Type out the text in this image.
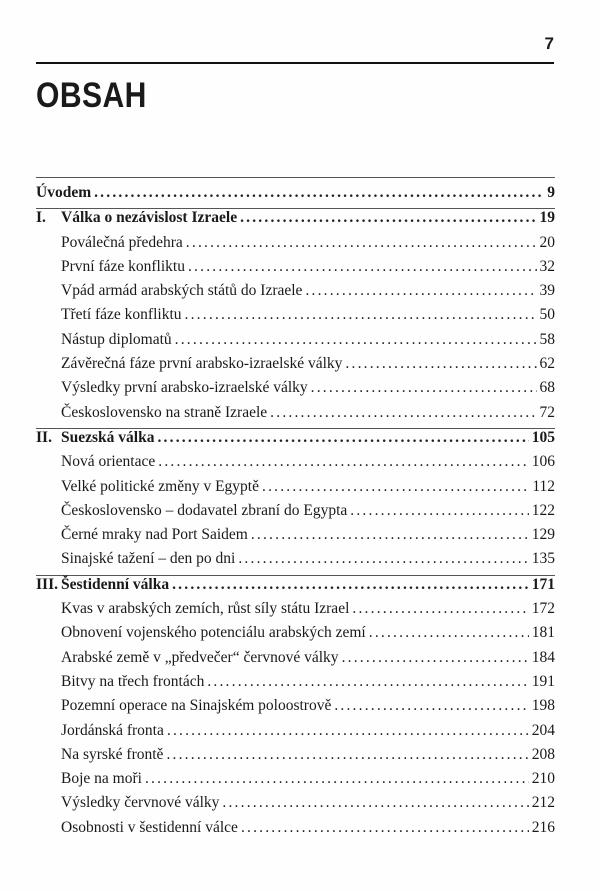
7
OBSAH
Úvodem .....	9
I. Válka o nezávislost Izraele .....	19
Poválečná předehra .....	20
První fáze konfliktu .....	32
Vpád armád arabských států do Izraele .....	39
Třetí fáze konfliktu .....	50
Nástup diplomatů .....	58
Závěrečná fáze první arabsko-izraelské války .....	62
Výsledky první arabsko-izraelské války .....	68
Československo na straně Izraele .....	72
II. Suezská válka .....	105
Nová orientace .....	106
Velké politické změny v Egyptě .....	112
Československo – dodavatel zbraní do Egypta .....	122
Černé mraky nad Port Saidem .....	129
Sinajské tažení – den po dni .....	135
III. Šestidenní válka .....	171
Kvas v arabských zemích, růst síly státu Izrael .....	172
Obnovení vojenského potenciálu arabských zemí .....	181
Arabské země v „předvečer“ červnové války .....	184
Bitvy na třech frontách .....	191
Pozemní operace na Sinajském poloostrově .....	198
Jordánská fronta .....	204
Na syrské frontě .....	208
Boje na moři .....	210
Výsledky červnové války .....	212
Osobnosti v šestidenní válce .....	216
